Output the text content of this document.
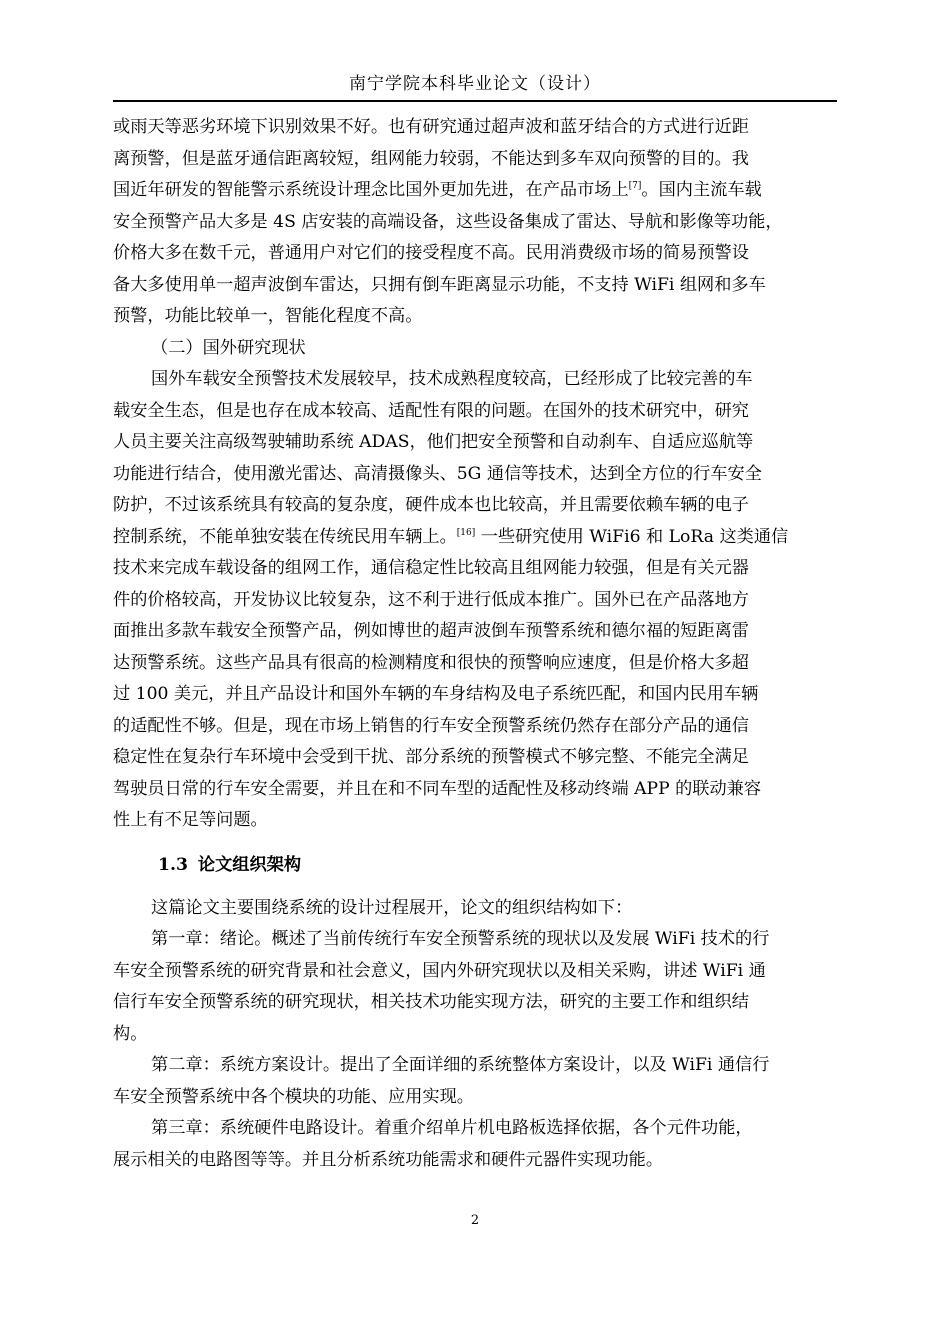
南宁学院本科毕业论文（设计）
或雨天等恶劣环境下识别效果不好。也有研究通过超声波和蓝牙结合的方式进行近距
离预警，但是蓝牙通信距离较短，组网能力较弱，不能达到多车双向预警的目的。我
国近年研发的智能警示系统设计理念比国外更加先进，在产品市场上[7]。国内主流车载
安全预警产品大多是 4S 店安装的高端设备，这些设备集成了雷达、导航和影像等功能，
价格大多在数千元，普通用户对它们的接受程度不高。民用消费级市场的简易预警设
备大多使用单一超声波倒车雷达，只拥有倒车距离显示功能，不支持 WiFi 组网和多车
预警，功能比较单一，智能化程度不高。
（二）国外研究现状
国外车载安全预警技术发展较早，技术成熟程度较高，已经形成了比较完善的车
载安全生态，但是也存在成本较高、适配性有限的问题。在国外的技术研究中，研究
人员主要关注高级驾驶辅助系统 ADAS，他们把安全预警和自动刹车、自适应巡航等
功能进行结合，使用激光雷达、高清摄像头、5G 通信等技术，达到全方位的行车安全
防护，不过该系统具有较高的复杂度，硬件成本也比较高，并且需要依赖车辆的电子
控制系统，不能单独安装在传统民用车辆上。[16] 一些研究使用 WiFi6 和 LoRa 这类通信
技术来完成车载设备的组网工作，通信稳定性比较高且组网能力较强，但是有关元器
件的价格较高，开发协议比较复杂，这不利于进行低成本推广。国外已在产品落地方
面推出多款车载安全预警产品，例如博世的超声波倒车预警系统和德尔福的短距离雷
达预警系统。这些产品具有很高的检测精度和很快的预警响应速度，但是价格大多超
过 100 美元，并且产品设计和国外车辆的车身结构及电子系统匹配，和国内民用车辆
的适配性不够。但是，现在市场上销售的行车安全预警系统仍然存在部分产品的通信
稳定性在复杂行车环境中会受到干扰、部分系统的预警模式不够完整、不能完全满足
驾驶员日常的行车安全需要，并且在和不同车型的适配性及移动终端 APP 的联动兼容
性上有不足等问题。
1.3 论文组织架构
这篇论文主要围绕系统的设计过程展开，论文的组织结构如下：
第一章：绪论。概述了当前传统行车安全预警系统的现状以及发展 WiFi 技术的行
车安全预警系统的研究背景和社会意义，国内外研究现状以及相关采购，讲述 WiFi 通
信行车安全预警系统的研究现状，相关技术功能实现方法，研究的主要工作和组织结
构。
第二章：系统方案设计。提出了全面详细的系统整体方案设计，以及 WiFi 通信行
车安全预警系统中各个模块的功能、应用实现。
第三章：系统硬件电路设计。着重介绍单片机电路板选择依据，各个元件功能，
展示相关的电路图等等。并且分析系统功能需求和硬件元器件实现功能。
2
